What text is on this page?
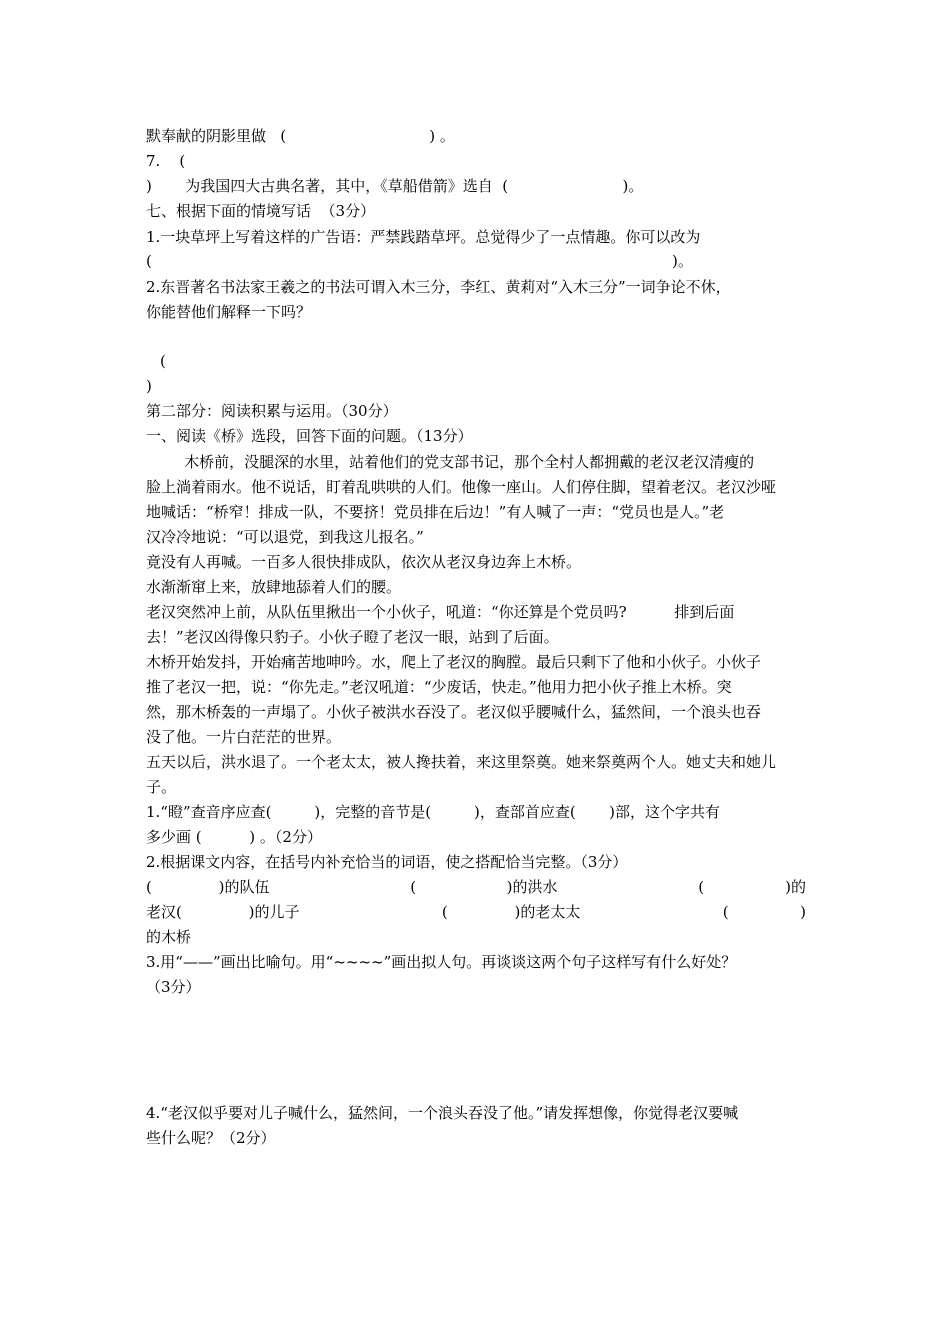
默奉献的阴影里做   (                              ) 。
7.    (
)       为我国四大古典名著，其中，《草船借箭》选自  (                        )。
七、根据下面的情境写话  （3分）
1.一块草坪上写着这样的广告语：严禁践踏草坪。总觉得少了一点情趣。你可以改为
(	)。
2.东晋著名书法家王羲之的书法可谓入木三分，李红、黄莉对“入木三分”一词争论不休，
你能替他们解释一下吗？
(
)
第二部分：阅读积累与运用。（30分）
一、阅读《桥》选段，回答下面的问题。（13分）
木桥前，没腿深的水里，站着他们的党支部书记，那个全村人都拥戴的老汉老汉清瘦的
脸上淌着雨水。他不说话，盯着乱哄哄的人们。他像一座山。人们停住脚，望着老汉。老汉沙哑
地喊话：“桥窄！排成一队，不要挤！党员排在后边！”有人喊了一声：“党员也是人。”老
汉冷冷地说：“可以退党，到我这儿报名。”
竟没有人再喊。一百多人很快排成队，依次从老汉身边奔上木桥。
水渐渐窜上来，放肆地舔着人们的腰。
老汉突然冲上前，从队伍里揪出一个小伙子，吼道：“你还算是个党员吗?          排到后面
去！”老汉凶得像只豹子。小伙子瞪了老汉一眼，站到了后面。
木桥开始发抖，开始痛苦地呻吟。水，爬上了老汉的胸膛。最后只剩下了他和小伙子。小伙子
推了老汉一把，说：“你先走。”老汉吼道：“少废话，快走。”他用力把小伙子推上木桥。突
然，那木桥轰的一声塌了。小伙子被洪水吞没了。老汉似乎腰喊什么，猛然间，一个浪头也吞
没了他。一片白茫茫的世界。
五天以后，洪水退了。一个老太太，被人搀扶着，来这里祭奠。她来祭奠两个人。她丈夫和她儿
子。
1.“瞪”查音序应查(         )，完整的音节是(         )，查部首应查(       )部，这个字共有
多少画 (          ) 。（2分）
2.根据课文内容，在括号内补充恰当的词语，使之搭配恰当完整。（3分）
(              )的队伍	(                   )的洪水	(                 )的
老汉(              )的儿子	(              )的老太太	(               )
的木桥
3.用“——”画出比喻句。用“~~~~”画出拟人句。再谈谈这两个句子这样写有什么好处？
（3分）
4.“老汉似乎要对儿子喊什么，猛然间，一个浪头吞没了他。”请发挥想像，你觉得老汉要喊
些什么呢？（2分）
